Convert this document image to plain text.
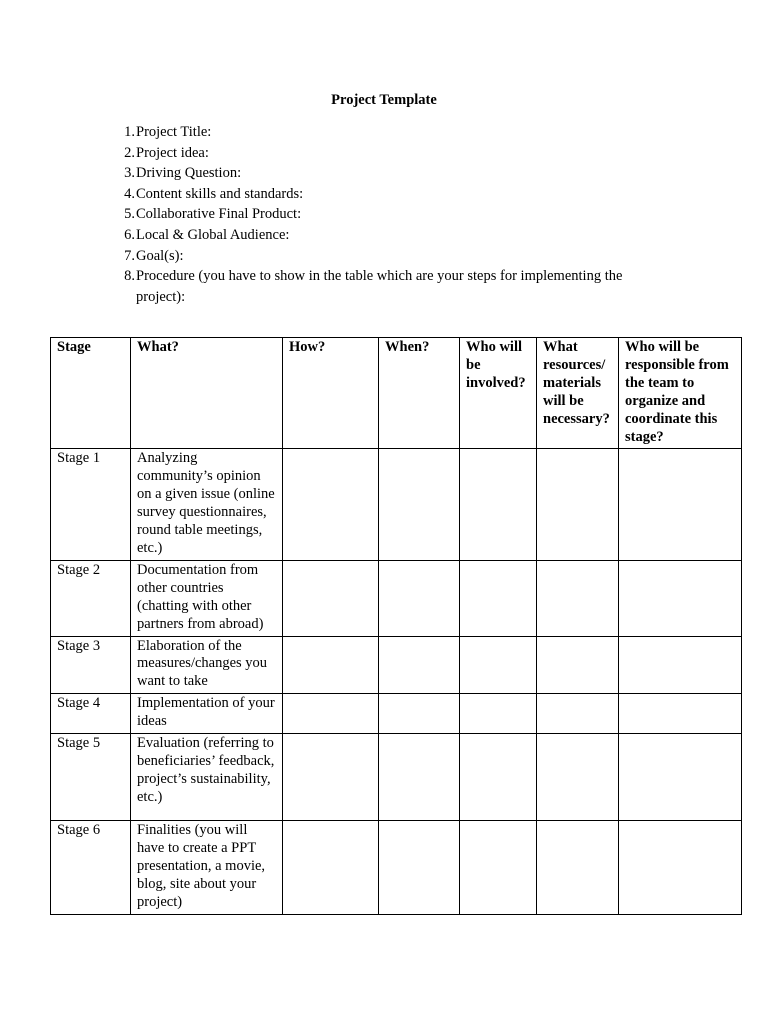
Project Template
1. Project Title:
2. Project idea:
3. Driving Question:
4. Content skills and standards:
5. Collaborative Final Product:
6. Local & Global Audience:
7. Goal(s):
8. Procedure (you have to show in the table which are your steps for implementing the project):
Stage	What?	How?	When?	Who will be involved?	What resources/ materials will be necessary?	Who will be responsible from the team to organize and coordinate this stage?
Stage 1	Analyzing community’s opinion on a given issue (online survey questionnaires, round table meetings, etc.)					
Stage 2	Documentation from other countries (chatting with other partners from abroad)					
Stage 3	Elaboration of the measures/changes you want to take					
Stage 4	Implementation of your ideas					
Stage 5	Evaluation (referring to beneficiaries’ feedback, project’s sustainability, etc.)					
Stage 6	Finalities (you will have to create a PPT presentation, a movie, blog, site about your project)					
